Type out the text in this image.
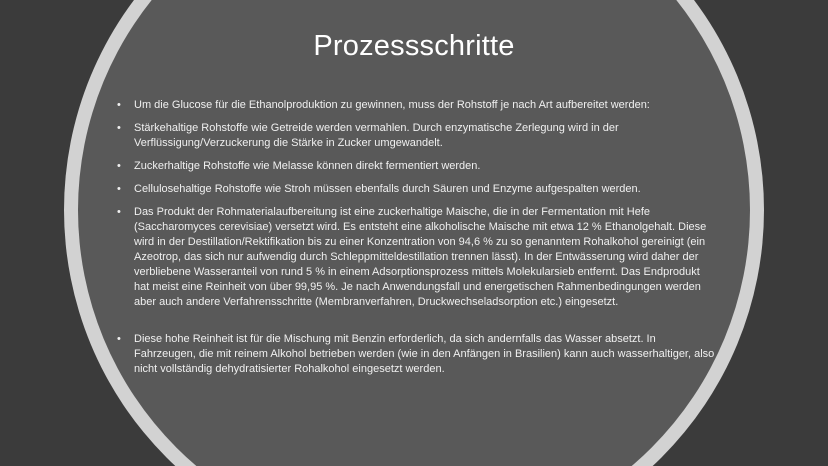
Prozessschritte
• Um die Glucose für die Ethanolproduktion zu gewinnen, muss der Rohstoff je nach Art aufbereitet werden:
• Stärkehaltige Rohstoffe wie Getreide werden vermahlen. Durch enzymatische Zerlegung wird in der Verflüssigung/Verzuckerung die Stärke in Zucker umgewandelt.
• Zuckerhaltige Rohstoffe wie Melasse können direkt fermentiert werden.
• Cellulosehaltige Rohstoffe wie Stroh müssen ebenfalls durch Säuren und Enzyme aufgespalten werden.
• Das Produkt der Rohmaterialaufbereitung ist eine zuckerhaltige Maische, die in der Fermentation mit Hefe (Saccharomyces cerevisiae) versetzt wird. Es entsteht eine alkoholische Maische mit etwa 12 % Ethanolgehalt. Diese wird in der Destillation/Rektifikation bis zu einer Konzentration von 94,6 % zu so genanntem Rohalkohol gereinigt (ein Azeotrop, das sich nur aufwendig durch Schleppmitteldestillation trennen lässt). In der Entwässerung wird daher der verbliebene Wasseranteil von rund 5 % in einem Adsorptionsprozess mittels Molekularsieb entfernt. Das Endprodukt hat meist eine Reinheit von über 99,95 %. Je nach Anwendungsfall und energetischen Rahmenbedingungen werden aber auch andere Verfahrensschritte (Membranverfahren, Druckwechseladsorption etc.) eingesetzt.
• Diese hohe Reinheit ist für die Mischung mit Benzin erforderlich, da sich andernfalls das Wasser absetzt. In Fahrzeugen, die mit reinem Alkohol betrieben werden (wie in den Anfängen in Brasilien) kann auch wasserhaltiger, also nicht vollständig dehydratisierter Rohalkohol eingesetzt werden.
